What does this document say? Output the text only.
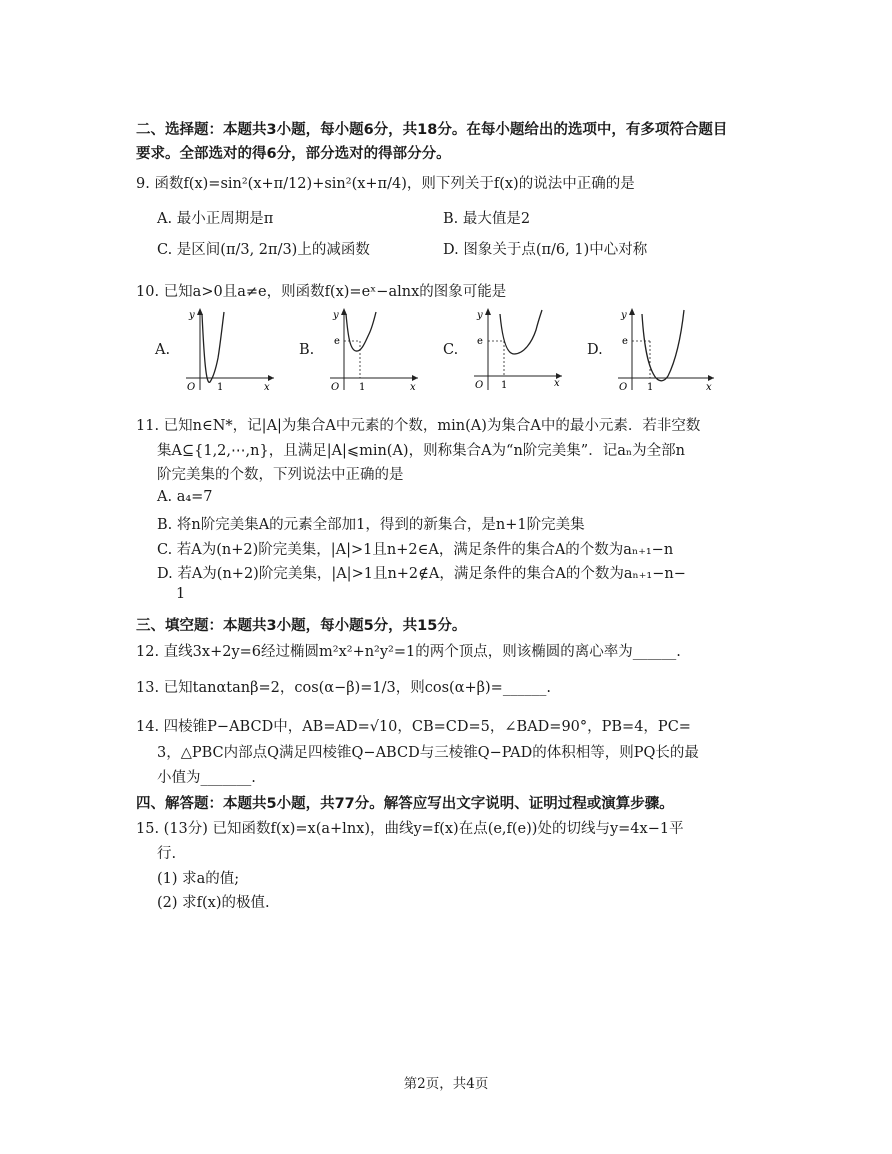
二、选择题：本题共3小题，每小题6分，共18分。在每小题给出的选项中，有多项符合题目
要求。全部选对的得6分，部分选对的得部分分。
9. 函数f(x)=sin²(x+π/12)+sin²(x+π/4)，则下列关于f(x)的说法中正确的是
A. 最小正周期是π	B. 最大值是2
C. 是区间(π/3, 2π/3)上的减函数	D. 图象关于点(π/6, 1)中心对称
10. 已知a>0且a≠e，则函数f(x)=eˣ−alnx的图象可能是
A.
y
x
O 1
B.
y
x
O
e
1
C.
y
x
O
e
1
D.
y
x
O
e
1
11. 已知n∈N*，记|A|为集合A中元素的个数，min(A)为集合A中的最小元素．若非空数
集A⊆{1,2,⋯,n}，且满足|A|⩽min(A)，则称集合A为“n阶完美集”．记aₙ为全部n
阶完美集的个数，下列说法中正确的是
A. a₄=7
B. 将n阶完美集A的元素全部加1，得到的新集合，是n+1阶完美集
C. 若A为(n+2)阶完美集，|A|>1且n+2∈A，满足条件的集合A的个数为aₙ₊₁−n
D. 若A为(n+2)阶完美集，|A|>1且n+2∉A，满足条件的集合A的个数为aₙ₊₁−n−
1
三、填空题：本题共3小题，每小题5分，共15分。
12. 直线3x+2y=6经过椭圆m²x²+n²y²=1的两个顶点，则该椭圆的离心率为______.
13. 已知tanαtanβ=2，cos(α−β)=1/3，则cos(α+β)=______.
14. 四棱锥P−ABCD中，AB=AD=√10，CB=CD=5，∠BAD=90°，PB=4，PC=
3，△PBC内部点Q满足四棱锥Q−ABCD与三棱锥Q−PAD的体积相等，则PQ长的最
小值为_______.
四、解答题：本题共5小题，共77分。解答应写出文字说明、证明过程或演算步骤。
15. (13分) 已知函数f(x)=x(a+lnx)，曲线y=f(x)在点(e,f(e))处的切线与y=4x−1平
行.
(1) 求a的值;
(2) 求f(x)的极值.
第2页，共4页
